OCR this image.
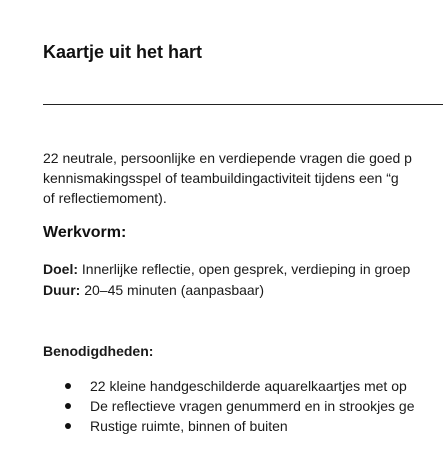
Kaartje uit het hart
22 neutrale, persoonlijke en verdiepende vragen die goed p
kennismakingsspel of teambuildingactiviteit tijdens een “g
of reflectiemoment).
Werkvorm:
Doel: Innerlijke reflectie, open gesprek, verdieping in groep
Duur: 20–45 minuten (aanpasbaar)
Benodigdheden:
22 kleine handgeschilderde aquarelkaartjes met op
De reflectieve vragen genummerd en in strookjes ge
Rustige ruimte, binnen of buiten
